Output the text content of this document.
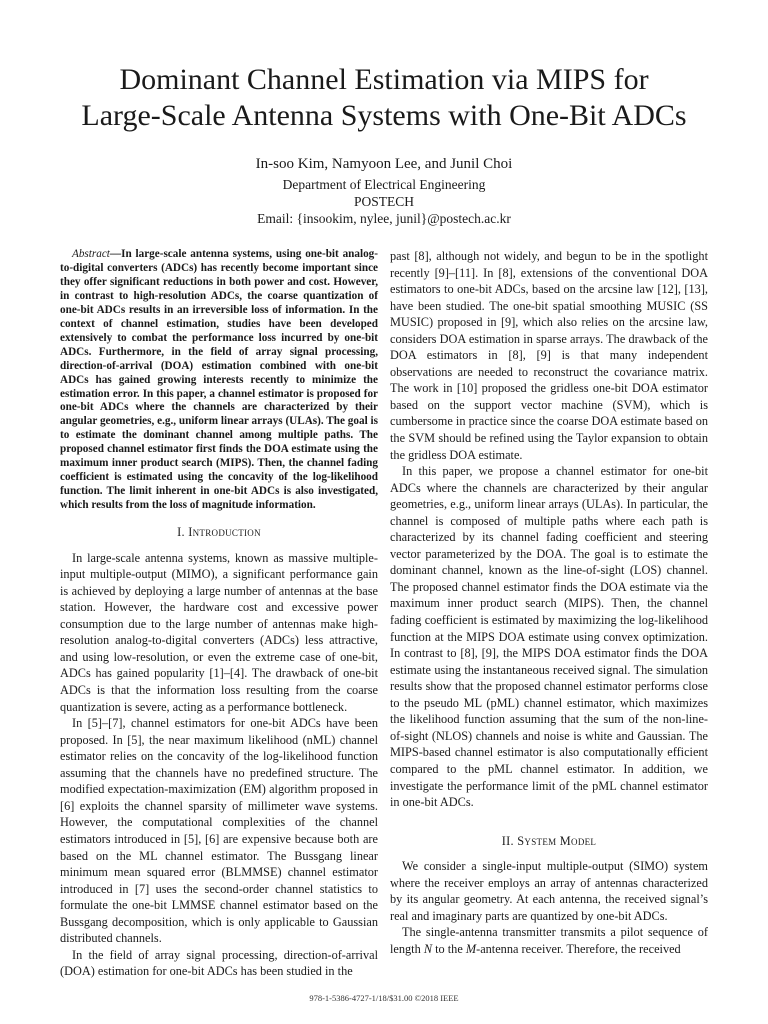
Dominant Channel Estimation via MIPS for
Large-Scale Antenna Systems with One-Bit ADCs
In-soo Kim, Namyoon Lee, and Junil Choi
Department of Electrical Engineering
POSTECH
Email: {insookim, nylee, junil}@postech.ac.kr

Abstract—In large-scale antenna systems, using one-bit analog-to-digital converters (ADCs) has recently become important since they offer significant reductions in both power and cost. However, in contrast to high-resolution ADCs, the coarse quantization of one-bit ADCs results in an irreversible loss of information. In the context of channel estimation, studies have been developed extensively to combat the performance loss incurred by one-bit ADCs. Furthermore, in the field of array signal processing, direction-of-arrival (DOA) estimation combined with one-bit ADCs has gained growing interests recently to minimize the estimation error. In this paper, a channel estimator is proposed for one-bit ADCs where the channels are characterized by their angular geometries, e.g., uniform linear arrays (ULAs). The goal is to estimate the dominant channel among multiple paths. The proposed channel estimator first finds the DOA estimate using the maximum inner product search (MIPS). Then, the channel fading coefficient is estimated using the concavity of the log-likelihood function. The limit inherent in one-bit ADCs is also investigated, which results from the loss of magnitude information.

I. Introduction

In large-scale antenna systems, known as massive multiple-input multiple-output (MIMO), a significant performance gain is achieved by deploying a large number of antennas at the base station. However, the hardware cost and excessive power consumption due to the large number of antennas make high-resolution analog-to-digital converters (ADCs) less attractive, and using low-resolution, or even the extreme case of one-bit, ADCs has gained popularity [1]–[4]. The drawback of one-bit ADCs is that the information loss resulting from the coarse quantization is severe, acting as a performance bottleneck.

In [5]–[7], channel estimators for one-bit ADCs have been proposed. In [5], the near maximum likelihood (nML) channel estimator relies on the concavity of the log-likelihood function assuming that the channels have no predefined structure. The modified expectation-maximization (EM) algorithm proposed in [6] exploits the channel sparsity of millimeter wave systems. However, the computational complexities of the channel estimators introduced in [5], [6] are expensive because both are based on the ML channel estimator. The Bussgang linear minimum mean squared error (BLMMSE) channel estimator introduced in [7] uses the second-order channel statistics to formulate the one-bit LMMSE channel estimator based on the Bussgang decomposition, which is only applicable to Gaussian distributed channels.

In the field of array signal processing, direction-of-arrival (DOA) estimation for one-bit ADCs has been studied in the

past [8], although not widely, and begun to be in the spotlight recently [9]–[11]. In [8], extensions of the conventional DOA estimators to one-bit ADCs, based on the arcsine law [12], [13], have been studied. The one-bit spatial smoothing MUSIC (SS MUSIC) proposed in [9], which also relies on the arcsine law, considers DOA estimation in sparse arrays. The drawback of the DOA estimators in [8], [9] is that many independent observations are needed to reconstruct the covariance matrix. The work in [10] proposed the gridless one-bit DOA estimator based on the support vector machine (SVM), which is cumbersome in practice since the coarse DOA estimate based on the SVM should be refined using the Taylor expansion to obtain the gridless DOA estimate.

In this paper, we propose a channel estimator for one-bit ADCs where the channels are characterized by their angular geometries, e.g., uniform linear arrays (ULAs). In particular, the channel is composed of multiple paths where each path is characterized by its channel fading coefficient and steering vector parameterized by the DOA. The goal is to estimate the dominant channel, known as the line-of-sight (LOS) channel. The proposed channel estimator finds the DOA estimate via the maximum inner product search (MIPS). Then, the channel fading coefficient is estimated by maximizing the log-likelihood function at the MIPS DOA estimate using convex optimization. In contrast to [8], [9], the MIPS DOA estimator finds the DOA estimate using the instantaneous received signal. The simulation results show that the proposed channel estimator performs close to the pseudo ML (pML) channel estimator, which maximizes the likelihood function assuming that the sum of the non-line-of-sight (NLOS) channels and noise is white and Gaussian. The MIPS-based channel estimator is also computationally efficient compared to the pML channel estimator. In addition, we investigate the performance limit of the pML channel estimator in one-bit ADCs.

II. System Model

We consider a single-input multiple-output (SIMO) system where the receiver employs an array of antennas characterized by its angular geometry. At each antenna, the received signal’s real and imaginary parts are quantized by one-bit ADCs.

The single-antenna transmitter transmits a pilot sequence of length N to the M-antenna receiver. Therefore, the received

978-1-5386-4727-1/18/$31.00 ©2018 IEEE
